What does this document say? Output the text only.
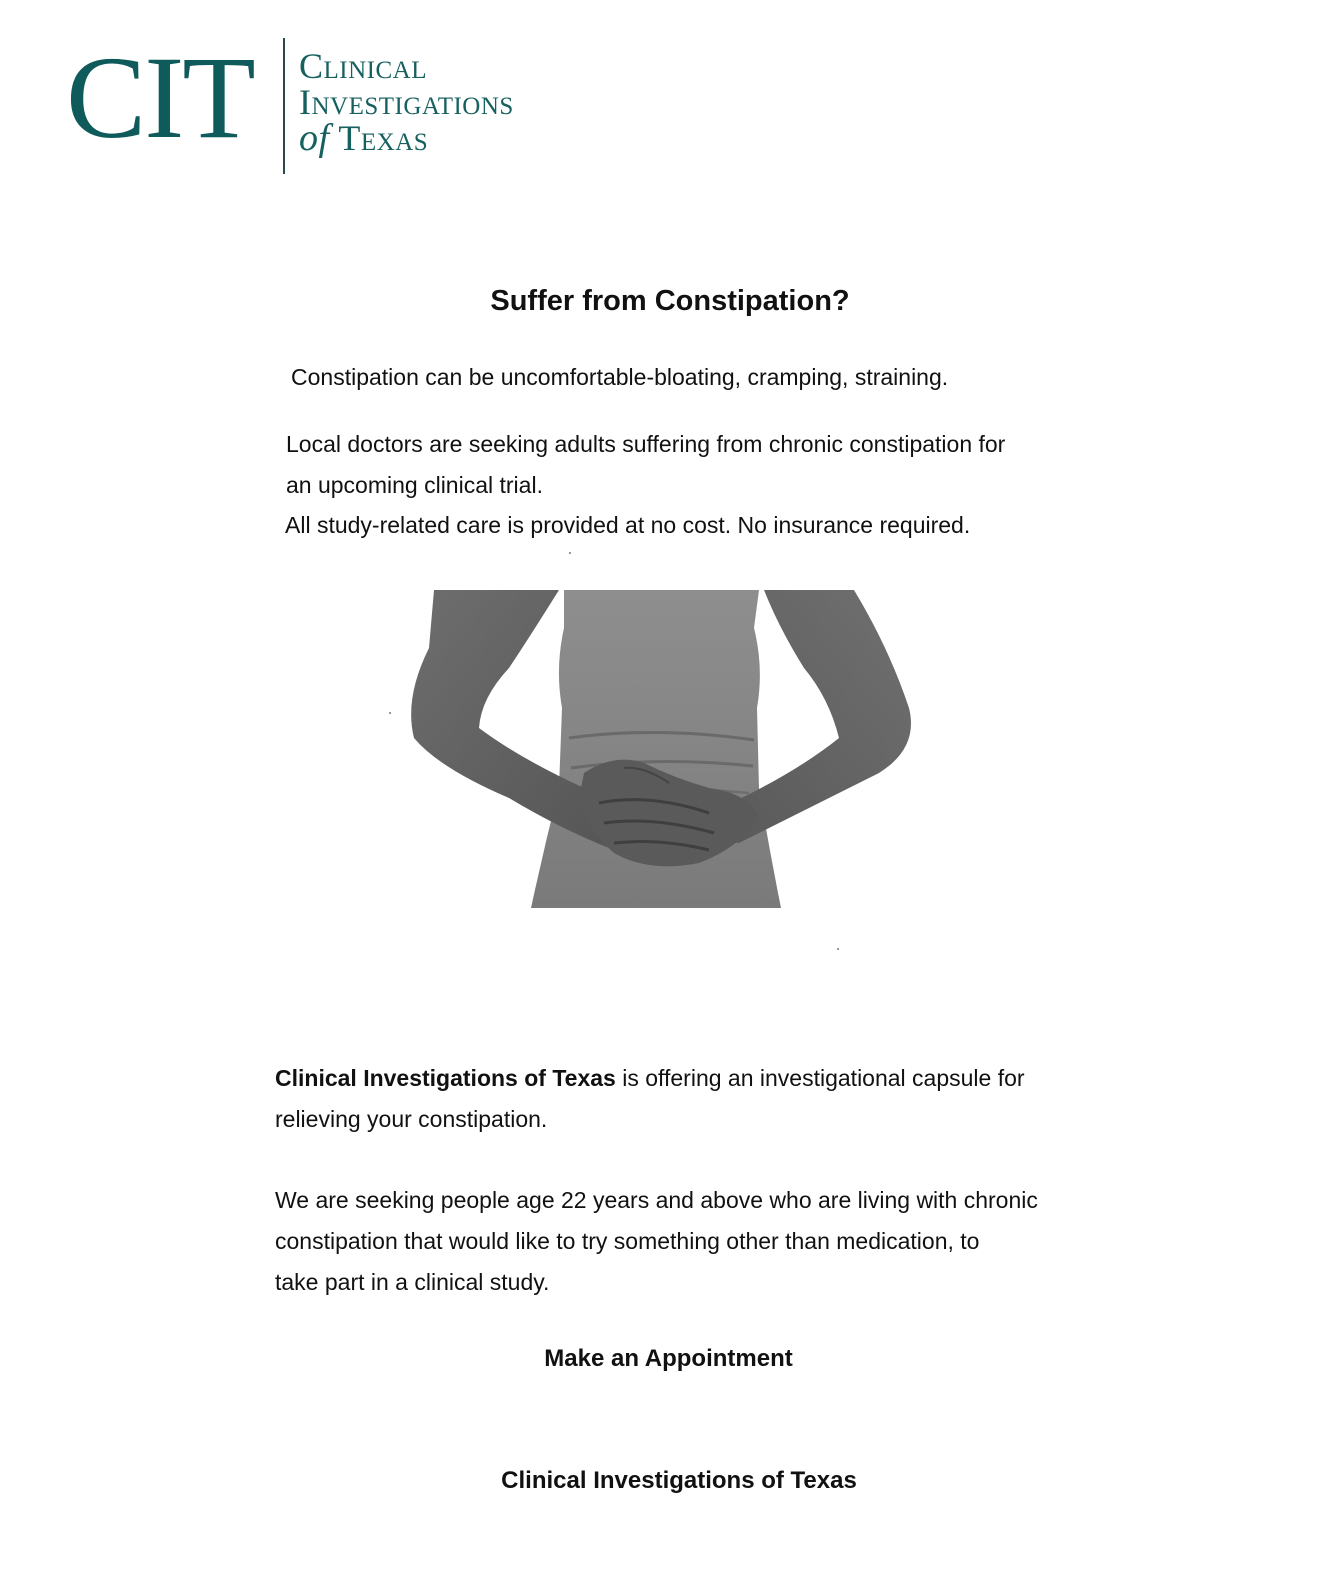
CIT Clinical
Investigations
of Texas
Suffer from Constipation?
Constipation can be uncomfortable-bloating, cramping, straining.
Local doctors are seeking adults suffering from chronic constipation for
an upcoming clinical trial.
All study-related care is provided at no cost. No insurance required.
Clinical Investigations of Texas is offering an investigational capsule for
relieving your constipation.
We are seeking people age 22 years and above who are living with chronic
constipation that would like to try something other than medication, to
take part in a clinical study.
Make an Appointment
Clinical Investigations of Texas
